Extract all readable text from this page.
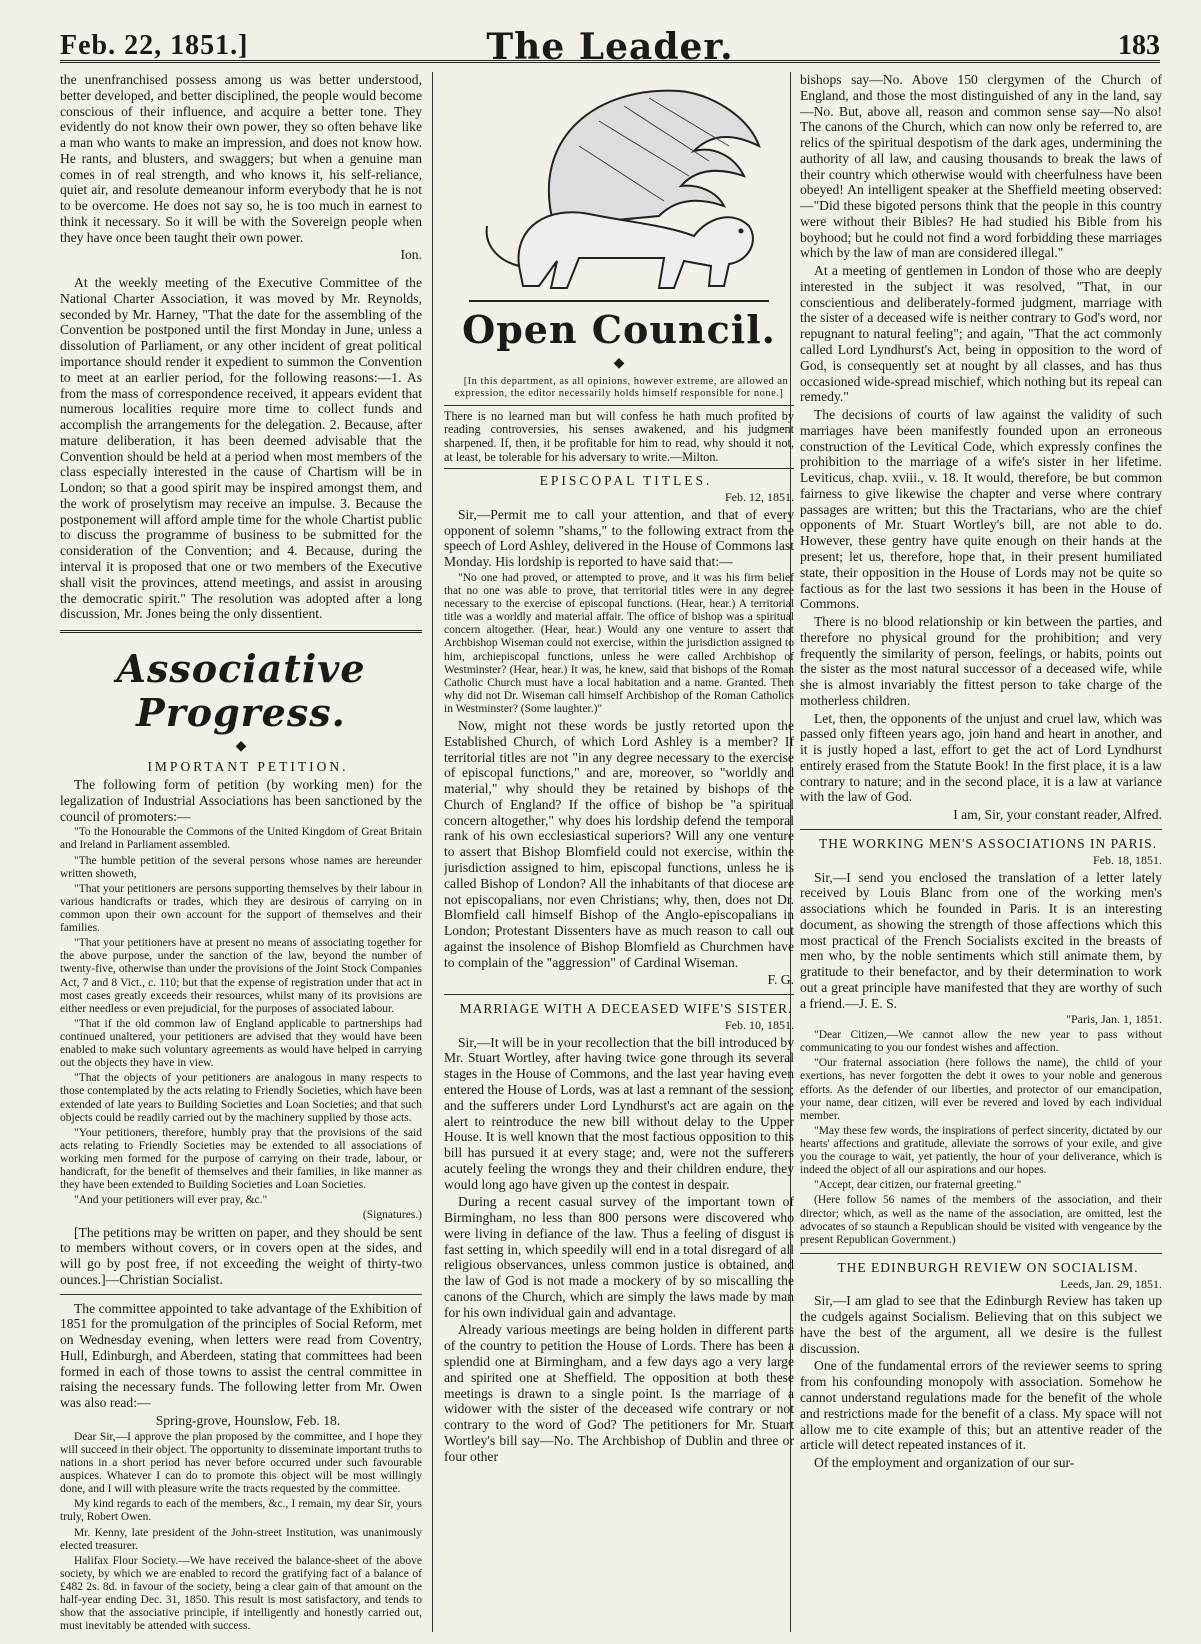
Feb. 22, 1851.]	The Leader.	183

the unenfranchised possess among us was better understood, better developed, and better disciplined, the people would become conscious of their influence, and acquire a better tone. They evidently do not know their own power, they so often behave like a man who wants to make an impression, and does not know how. He rants, and blusters, and swaggers; but when a genuine man comes in of real strength, and who knows it, his self-reliance, quiet air, and resolute demeanour inform everybody that he is not to be overcome. He does not say so, he is too much in earnest to think it necessary. So it will be with the Sovereign people when they have once been taught their own power.

Ion.

At the weekly meeting of the Executive Committee of the National Charter Association, it was moved by Mr. Reynolds, seconded by Mr. Harney, "That the date for the assembling of the Convention be postponed until the first Monday in June, unless a dissolution of Parliament, or any other incident of great political importance should render it expedient to summon the Convention to meet at an earlier period, for the following reasons:—1. As from the mass of correspondence received, it appears evident that numerous localities require more time to collect funds and accomplish the arrangements for the delegation. 2. Because, after mature deliberation, it has been deemed advisable that the Convention should be held at a period when most members of the class especially interested in the cause of Chartism will be in London; so that a good spirit may be inspired amongst them, and the work of proselytism may receive an impulse. 3. Because the postponement will afford ample time for the whole Chartist public to discuss the programme of business to be submitted for the consideration of the Convention; and 4. Because, during the interval it is proposed that one or two members of the Executive shall visit the provinces, attend meetings, and assist in arousing the democratic spirit." The resolution was adopted after a long discussion, Mr. Jones being the only dissentient.

Associative Progress.
◆

IMPORTANT PETITION.

The following form of petition (by working men) for the legalization of Industrial Associations has been sanctioned by the council of promoters:—

"To the Honourable the Commons of the United Kingdom of Great Britain and Ireland in Parliament assembled.

"The humble petition of the several persons whose names are hereunder written showeth,

"That your petitioners are persons supporting themselves by their labour in various handicrafts or trades, which they are desirous of carrying on in common upon their own account for the support of themselves and their families.

"That your petitioners have at present no means of associating together for the above purpose, under the sanction of the law, beyond the number of twenty-five, otherwise than under the provisions of the Joint Stock Companies Act, 7 and 8 Vict., c. 110; but that the expense of registration under that act in most cases greatly exceeds their resources, whilst many of its provisions are either needless or even prejudicial, for the purposes of associated labour.

"That if the old common law of England applicable to partnerships had continued unaltered, your petitioners are advised that they would have been enabled to make such voluntary agreements as would have helped in carrying out the objects they have in view.

"That the objects of your petitioners are analogous in many respects to those contemplated by the acts relating to Friendly Societies, which have been extended of late years to Building Societies and Loan Societies; and that such objects could be readily carried out by the machinery supplied by those acts.

"Your petitioners, therefore, humbly pray that the provisions of the said acts relating to Friendly Societies may be extended to all associations of working men formed for the purpose of carrying on their trade, labour, or handicraft, for the benefit of themselves and their families, in like manner as they have been extended to Building Societies and Loan Societies.

"And your petitioners will ever pray, &c."

(Signatures.)

[The petitions may be written on paper, and they should be sent to members without covers, or in covers open at the sides, and will go by post free, if not exceeding the weight of thirty-two ounces.]—Christian Socialist.

The committee appointed to take advantage of the Exhibition of 1851 for the promulgation of the principles of Social Reform, met on Wednesday evening, when letters were read from Coventry, Hull, Edinburgh, and Aberdeen, stating that committees had been formed in each of those towns to assist the central committee in raising the necessary funds. The following letter from Mr. Owen was also read:—

Spring-grove, Hounslow, Feb. 18.

Dear Sir,—I approve the plan proposed by the committee, and I hope they will succeed in their object. The opportunity to disseminate important truths to nations in a short period has never before occurred under such favourable auspices. Whatever I can do to promote this object will be most willingly done, and I will with pleasure write the tracts requested by the committee.

My kind regards to each of the members, &c., I remain, my dear Sir, yours truly, Robert Owen.

Mr. Kenny, late president of the John-street Institution, was unanimously elected treasurer.

Halifax Flour Society.—We have received the balance-sheet of the above society, by which we are enabled to record the gratifying fact of a balance of £482 2s. 8d. in favour of the society, being a clear gain of that amount on the half-year ending Dec. 31, 1850. This result is most satisfactory, and tends to show that the associative principle, if intelligently and honestly carried out, must inevitably be attended with success.

Open Council.
◆

[In this department, as all opinions, however extreme, are allowed an expression, the editor necessarily holds himself responsible for none.]

There is no learned man but will confess he hath much profited by reading controversies, his senses awakened, and his judgment sharpened. If, then, it be profitable for him to read, why should it not, at least, be tolerable for his adversary to write.—Milton.

EPISCOPAL TITLES.

Feb. 12, 1851.

Sir,—Permit me to call your attention, and that of every opponent of solemn "shams," to the following extract from the speech of Lord Ashley, delivered in the House of Commons last Monday. His lordship is reported to have said that:—

"No one had proved, or attempted to prove, and it was his firm belief that no one was able to prove, that territorial titles were in any degree necessary to the exercise of episcopal functions. (Hear, hear.) A territorial title was a worldly and material affair. The office of bishop was a spiritual concern altogether. (Hear, hear.) Would any one venture to assert that Archbishop Wiseman could not exercise, within the jurisdiction assigned to him, archiepiscopal functions, unless he were called Archbishop of Westminster? (Hear, hear.) It was, he knew, said that bishops of the Roman Catholic Church must have a local habitation and a name. Granted. Then why did not Dr. Wiseman call himself Archbishop of the Roman Catholics in Westminster? (Some laughter.)"

Now, might not these words be justly retorted upon the Established Church, of which Lord Ashley is a member? If territorial titles are not "in any degree necessary to the exercise of episcopal functions," and are, moreover, so "worldly and material," why should they be retained by bishops of the Church of England? If the office of bishop be "a spiritual concern altogether," why does his lordship defend the temporal rank of his own ecclesiastical superiors? Will any one venture to assert that Bishop Blomfield could not exercise, within the jurisdiction assigned to him, episcopal functions, unless he is called Bishop of London? All the inhabitants of that diocese are not episcopalians, nor even Christians; why, then, does not Dr. Blomfield call himself Bishop of the Anglo-episcopalians in London; Protestant Dissenters have as much reason to call out against the insolence of Bishop Blomfield as Churchmen have to complain of the "aggression" of Cardinal Wiseman.

F. G.

MARRIAGE WITH A DECEASED WIFE'S SISTER.

Feb. 10, 1851.

Sir,—It will be in your recollection that the bill introduced by Mr. Stuart Wortley, after having twice gone through its several stages in the House of Commons, and the last year having even entered the House of Lords, was at last a remnant of the session; and the sufferers under Lord Lyndhurst's act are again on the alert to reintroduce the new bill without delay to the Upper House. It is well known that the most factious opposition to this bill has pursued it at every stage; and, were not the sufferers acutely feeling the wrongs they and their children endure, they would long ago have given up the contest in despair.

During a recent casual survey of the important town of Birmingham, no less than 800 persons were discovered who were living in defiance of the law. Thus a feeling of disgust is fast setting in, which speedily will end in a total disregard of all religious observances, unless common justice is obtained, and the law of God is not made a mockery of by so miscalling the canons of the Church, which are simply the laws made by man for his own individual gain and advantage.

Already various meetings are being holden in different parts of the country to petition the House of Lords. There has been a splendid one at Birmingham, and a few days ago a very large and spirited one at Sheffield. The opposition at both these meetings is drawn to a single point. Is the marriage of a widower with the sister of the deceased wife contrary or not contrary to the word of God? The petitioners for Mr. Stuart Wortley's bill say—No. The Archbishop of Dublin and three or four other

bishops say—No. Above 150 clergymen of the Church of England, and those the most distinguished of any in the land, say—No. But, above all, reason and common sense say—No also! The canons of the Church, which can now only be referred to, are relics of the spiritual despotism of the dark ages, undermining the authority of all law, and causing thousands to break the laws of their country which otherwise would with cheerfulness have been obeyed! An intelligent speaker at the Sheffield meeting observed:—"Did these bigoted persons think that the people in this country were without their Bibles? He had studied his Bible from his boyhood; but he could not find a word forbidding these marriages which by the law of man are considered illegal."

At a meeting of gentlemen in London of those who are deeply interested in the subject it was resolved, "That, in our conscientious and deliberately-formed judgment, marriage with the sister of a deceased wife is neither contrary to God's word, nor repugnant to natural feeling"; and again, "That the act commonly called Lord Lyndhurst's Act, being in opposition to the word of God, is consequently set at nought by all classes, and has thus occasioned wide-spread mischief, which nothing but its repeal can remedy."

The decisions of courts of law against the validity of such marriages have been manifestly founded upon an erroneous construction of the Levitical Code, which expressly confines the prohibition to the marriage of a wife's sister in her lifetime. Leviticus, chap. xviii., v. 18. It would, therefore, be but common fairness to give likewise the chapter and verse where contrary passages are written; but this the Tractarians, who are the chief opponents of Mr. Stuart Wortley's bill, are not able to do. However, these gentry have quite enough on their hands at the present; let us, therefore, hope that, in their present humiliated state, their opposition in the House of Lords may not be quite so factious as for the last two sessions it has been in the House of Commons.

There is no blood relationship or kin between the parties, and therefore no physical ground for the prohibition; and very frequently the similarity of person, feelings, or habits, points out the sister as the most natural successor of a deceased wife, while she is almost invariably the fittest person to take charge of the motherless children.

Let, then, the opponents of the unjust and cruel law, which was passed only fifteen years ago, join hand and heart in another, and it is justly hoped a last, effort to get the act of Lord Lyndhurst entirely erased from the Statute Book! In the first place, it is a law contrary to nature; and in the second place, it is a law at variance with the law of God.

I am, Sir, your constant reader, Alfred.

THE WORKING MEN'S ASSOCIATIONS IN PARIS.

Feb. 18, 1851.

Sir,—I send you enclosed the translation of a letter lately received by Louis Blanc from one of the working men's associations which he founded in Paris. It is an interesting document, as showing the strength of those affections which this most practical of the French Socialists excited in the breasts of men who, by the noble sentiments which still animate them, by gratitude to their benefactor, and by their determination to work out a great principle have manifested that they are worthy of such a friend.—J. E. S.

"Paris, Jan. 1, 1851.

"Dear Citizen,—We cannot allow the new year to pass without communicating to you our fondest wishes and affection.

"Our fraternal association (here follows the name), the child of your exertions, has never forgotten the debt it owes to your noble and generous efforts. As the defender of our liberties, and protector of our emancipation, your name, dear citizen, will ever be revered and loved by each individual member.

"May these few words, the inspirations of perfect sincerity, dictated by our hearts' affections and gratitude, alleviate the sorrows of your exile, and give you the courage to wait, yet patiently, the hour of your deliverance, which is indeed the object of all our aspirations and our hopes.

"Accept, dear citizen, our fraternal greeting."

(Here follow 56 names of the members of the association, and their director; which, as well as the name of the association, are omitted, lest the advocates of so staunch a Republican should be visited with vengeance by the present Republican Government.)

THE EDINBURGH REVIEW ON SOCIALISM.

Leeds, Jan. 29, 1851.

Sir,—I am glad to see that the Edinburgh Review has taken up the cudgels against Socialism. Believing that on this subject we have the best of the argument, all we desire is the fullest discussion.

One of the fundamental errors of the reviewer seems to spring from his confounding monopoly with association. Somehow he cannot understand regulations made for the benefit of the whole and restrictions made for the benefit of a class. My space will not allow me to cite example of this; but an attentive reader of the article will detect repeated instances of it.

Of the employment and organization of our sur-
